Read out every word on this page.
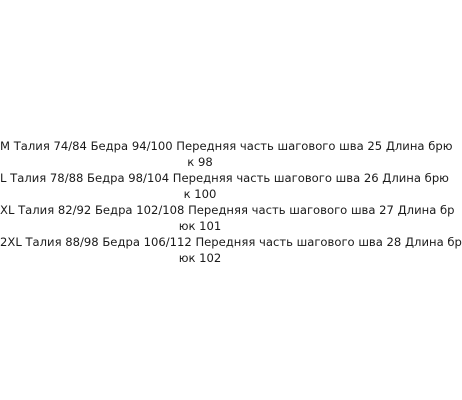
M Талия 74/84 Бедра 94/100 Передняя часть шагового шва 25 Длина брю
к 98
L Талия 78/88 Бедра 98/104 Передняя часть шагового шва 26 Длина брю
к 100
XL Талия 82/92 Бедра 102/108 Передняя часть шагового шва 27 Длина бр
юк 101
2XL Талия 88/98 Бедра 106/112 Передняя часть шагового шва 28 Длина бр
юк 102
